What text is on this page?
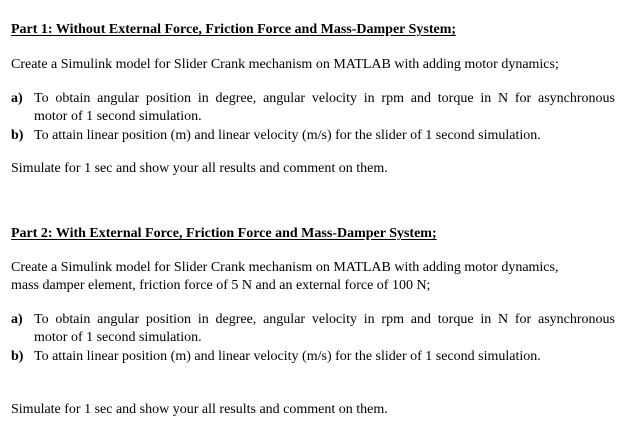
Part 1: Without External Force, Friction Force and Mass-Damper System;
Create a Simulink model for Slider Crank mechanism on MATLAB with adding motor dynamics;
a) To obtain angular position in degree, angular velocity in rpm and torque in N for asynchronous
motor of 1 second simulation.
b) To attain linear position (m) and linear velocity (m/s) for the slider of 1 second simulation.
Simulate for 1 sec and show your all results and comment on them.
Part 2: With External Force, Friction Force and Mass-Damper System;
Create a Simulink model for Slider Crank mechanism on MATLAB with adding motor dynamics,
mass damper element, friction force of 5 N and an external force of 100 N;
a) To obtain angular position in degree, angular velocity in rpm and torque in N for asynchronous
motor of 1 second simulation.
b) To attain linear position (m) and linear velocity (m/s) for the slider of 1 second simulation.
Simulate for 1 sec and show your all results and comment on them.
